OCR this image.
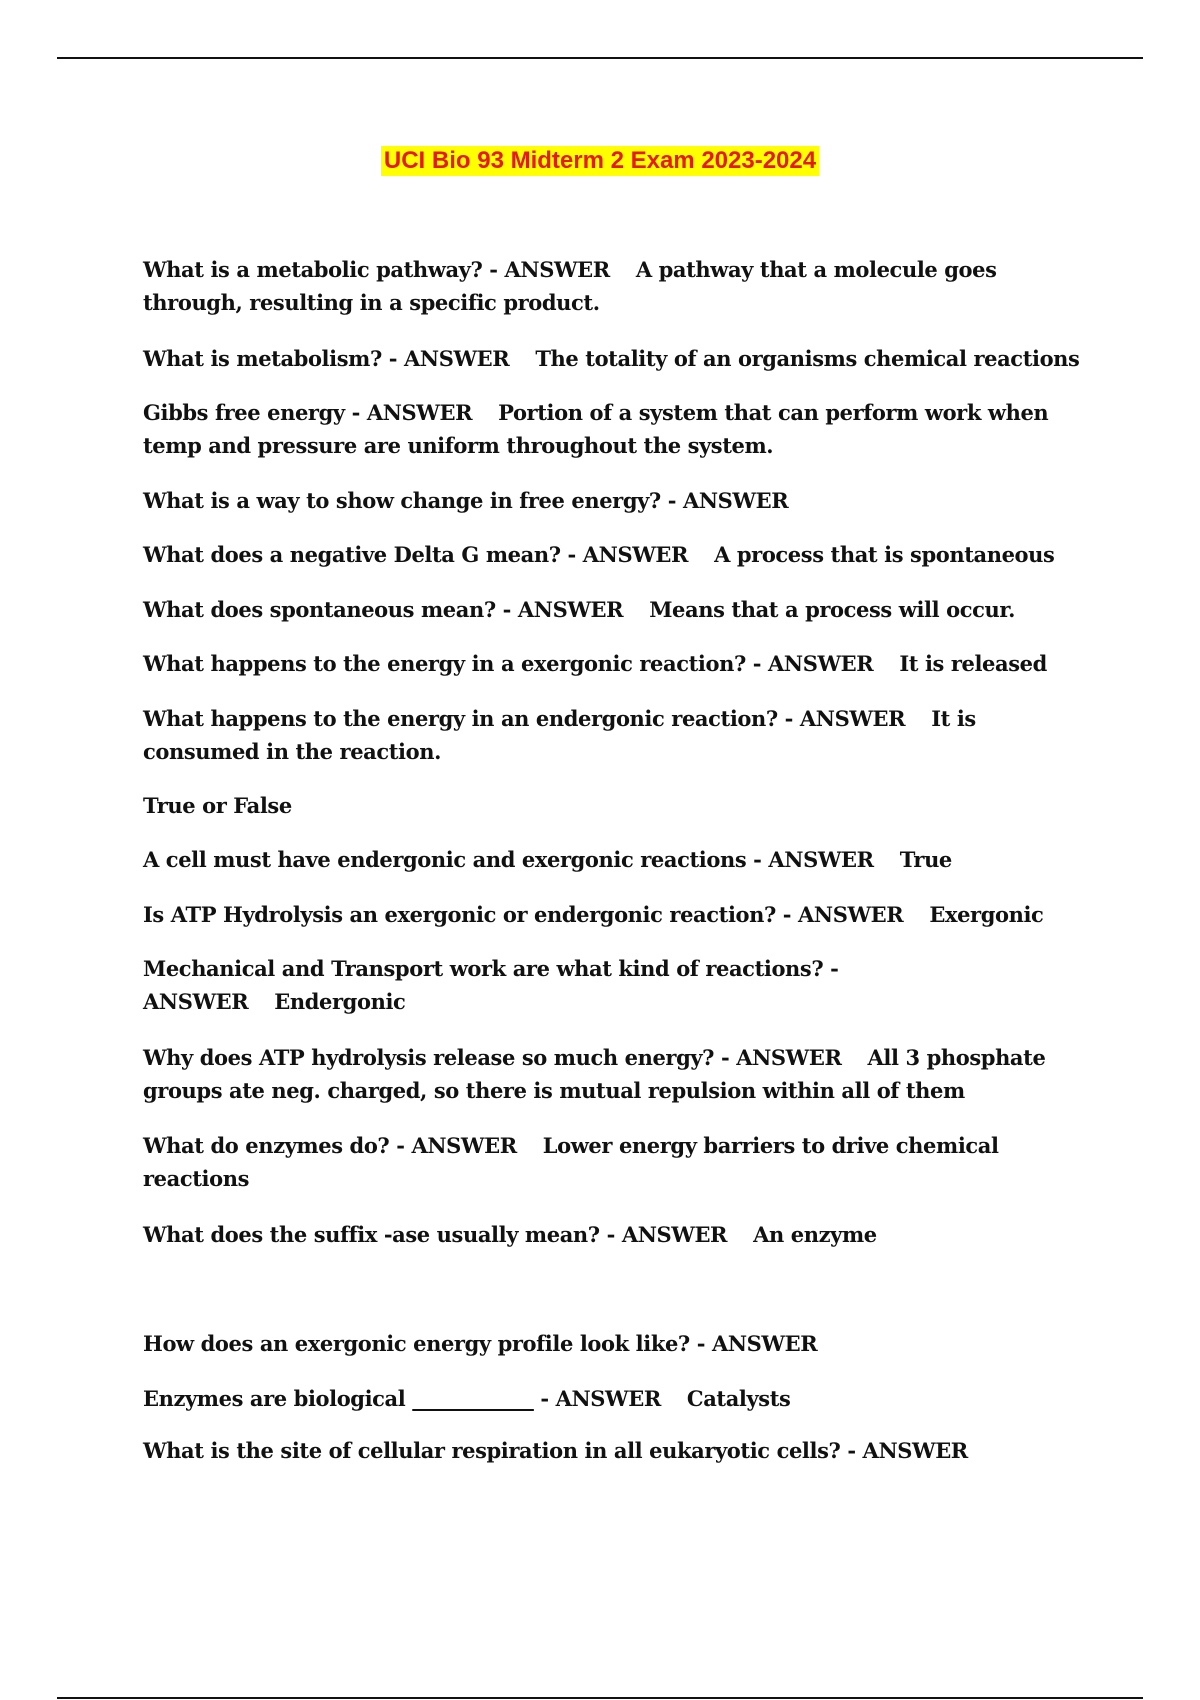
UCI Bio 93 Midterm 2 Exam 2023-2024

What is a metabolic pathway? - ANSWER A pathway that a molecule goes through, resulting in a specific product.

What is metabolism? - ANSWER The totality of an organisms chemical reactions

Gibbs free energy - ANSWER Portion of a system that can perform work when temp and pressure are uniform throughout the system.

What is a way to show change in free energy? - ANSWER

What does a negative Delta G mean? - ANSWER A process that is spontaneous

What does spontaneous mean? - ANSWER Means that a process will occur.

What happens to the energy in a exergonic reaction? - ANSWER It is released

What happens to the energy in an endergonic reaction? - ANSWER It is consumed in the reaction.

True or False

A cell must have endergonic and exergonic reactions - ANSWER True

Is ATP Hydrolysis an exergonic or endergonic reaction? - ANSWER Exergonic

Mechanical and Transport work are what kind of reactions? - ANSWER Endergonic

Why does ATP hydrolysis release so much energy? - ANSWER All 3 phosphate groups ate neg. charged, so there is mutual repulsion within all of them

What do enzymes do? - ANSWER Lower energy barriers to drive chemical reactions

What does the suffix -ase usually mean? - ANSWER An enzyme

How does an exergonic energy profile look like? - ANSWER

Enzymes are biological ____________ - ANSWER Catalysts

What is the site of cellular respiration in all eukaryotic cells? - ANSWER
